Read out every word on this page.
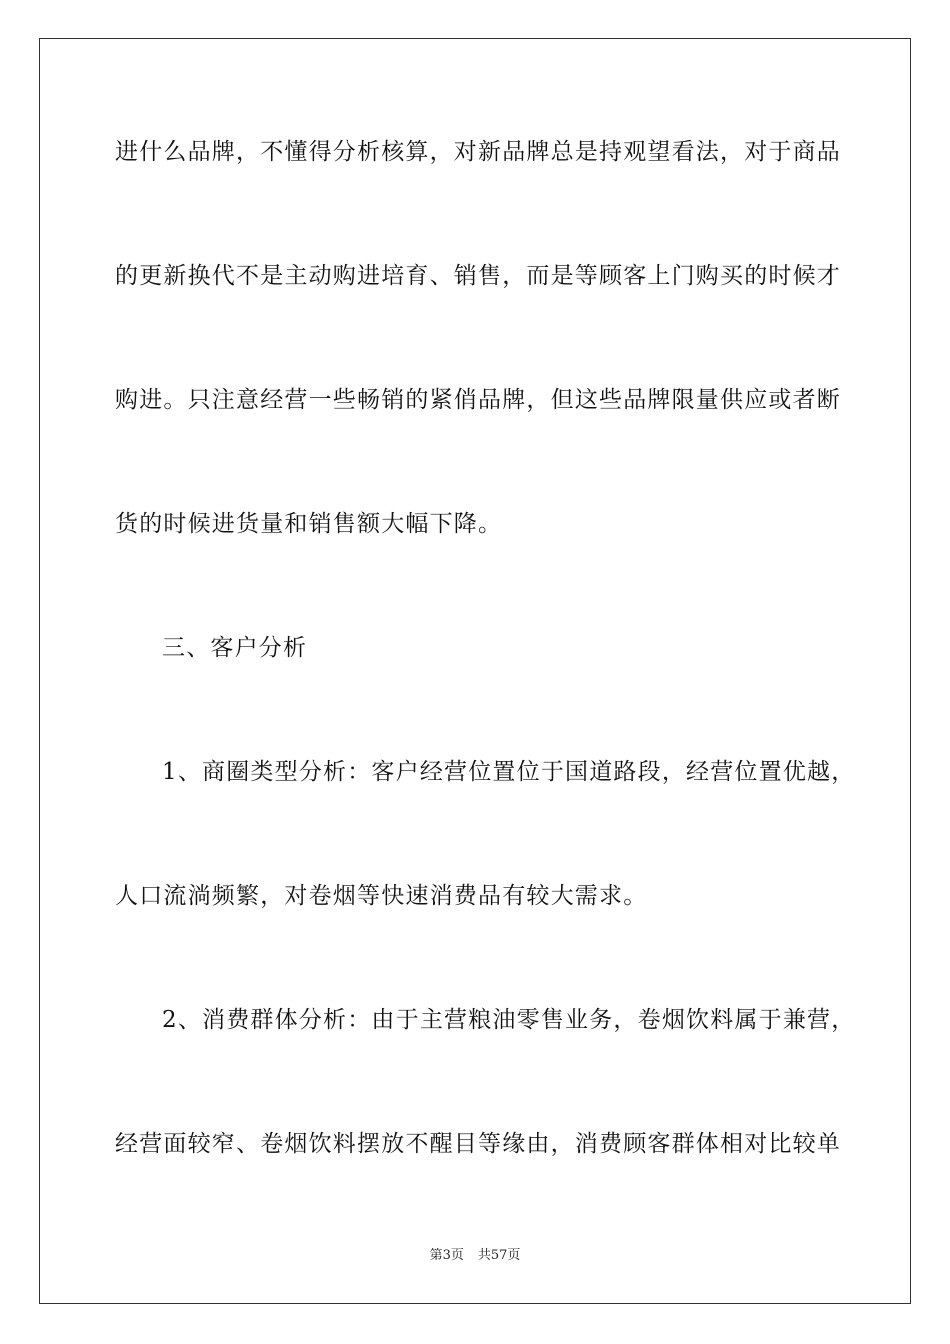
进什么品牌，不懂得分析核算，对新品牌总是持观望看法，对于商品
的更新换代不是主动购进培育、销售，而是等顾客上门购买的时候才
购进。只注意经营一些畅销的紧俏品牌，但这些品牌限量供应或者断
货的时候进货量和销售额大幅下降。
三、客户分析
1、商圈类型分析：客户经营位置位于国道路段，经营位置优越，
人口流淌频繁，对卷烟等快速消费品有较大需求。
2、消费群体分析：由于主营粮油零售业务，卷烟饮料属于兼营，
经营面较窄、卷烟饮料摆放不醒目等缘由，消费顾客群体相对比较单
第3页 共57页
